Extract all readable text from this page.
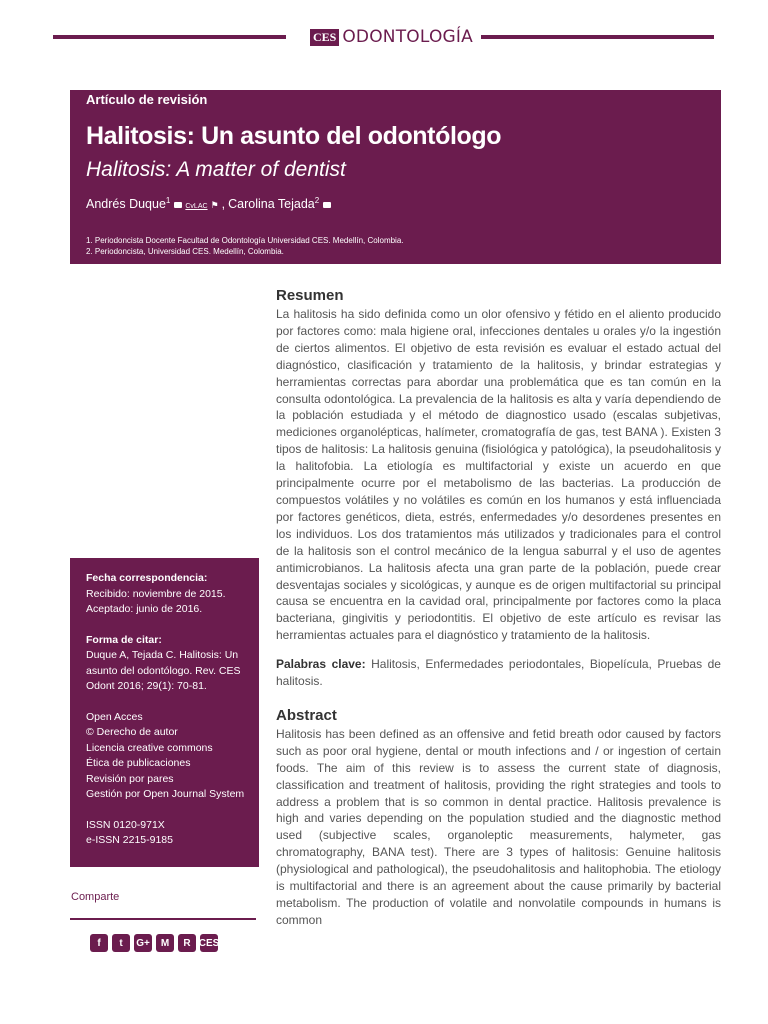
CES ODONTOLOGÍA
Artículo de revisión
Halitosis: Un asunto del odontólogo
Halitosis: A matter of dentist
Andrés Duque$^1$
CvLAC ⚑ , Carolina Tejada$^2$
1. Periodoncista Docente Facultad de Odontología Universidad CES. Medellín, Colombia.
2. Periodoncista, Universidad CES. Medellín, Colombia.
Fecha correspondencia:
Recibido: noviembre de 2015.
Aceptado: junio de 2016.
Forma de citar:
Duque A, Tejada C. Halitosis: Un asunto del odontólogo. Rev. CES Odont 2016; 29(1): 70-81.
Open Acces
© Derecho de autor
Licencia creative commons
Ética de publicaciones
Revisión por pares
Gestión por Open Journal System
ISSN 0120-971X
e-ISSN 2215-9185
Comparte
f	t	G+	M	R CES
Resumen

La halitosis ha sido definida como un olor ofensivo y fétido en el aliento producido por factores como: mala higiene oral, infecciones dentales u orales y/o la ingestión de ciertos alimentos. El objetivo de esta revisión es evaluar el estado actual del diagnóstico, clasificación y tratamiento de la halitosis, y brindar estrategias y herramientas correctas para abordar una problemática que es tan común en la consulta odontológica. La prevalencia de la halitosis es alta y varía dependiendo de la población estudiada y el método de diagnostico usado (escalas subjetivas, mediciones organolépticas, halímeter, cromatografía de gas, test BANA ). Existen 3 tipos de halitosis: La halitosis genuina (fisiológica y patológica), la pseudohalitosis y la halitofobia. La etiología es multifactorial y existe un acuerdo en que principalmente ocurre por el metabolismo de las bacterias. La producción de compuestos volátiles y no volátiles es común en los humanos y está influenciada por factores genéticos, dieta, estrés, enfermedades y/o desordenes presentes en los individuos. Los dos tratamientos más utilizados y tradicionales para el control de la halitosis son el control mecánico de la lengua saburral y el uso de agentes antimicrobianos. La halitosis afecta una gran parte de la población, puede crear desventajas sociales y sicológicas, y aunque es de origen multifactorial su principal causa se encuentra en la cavidad oral, principalmente por factores como la placa bacteriana, gingivitis y periodontitis. El objetivo de este artículo es revisar las herramientas actuales para el diagnóstico y tratamiento de la halitosis.

Palabras clave: Halitosis, Enfermedades periodontales, Biopelícula, Pruebas de halitosis.

Abstract

Halitosis has been defined as an offensive and fetid breath odor caused by factors such as poor oral hygiene, dental or mouth infections and / or ingestion of certain foods. The aim of this review is to assess the current state of diagnosis, classification and treatment of halitosis, providing the right strategies and tools to address a problem that is so common in dental practice. Halitosis prevalence is high and varies depending on the population studied and the diagnostic method used (subjective scales, organoleptic measurements, halymeter, gas chromatography, BANA test). There are 3 types of halitosis: Genuine halitosis (physiological and pathological), the pseudohalitosis and halitophobia. The etiology is multifactorial and there is an agreement about the cause primarily by bacterial metabolism. The production of volatile and nonvolatile compounds in humans is common
